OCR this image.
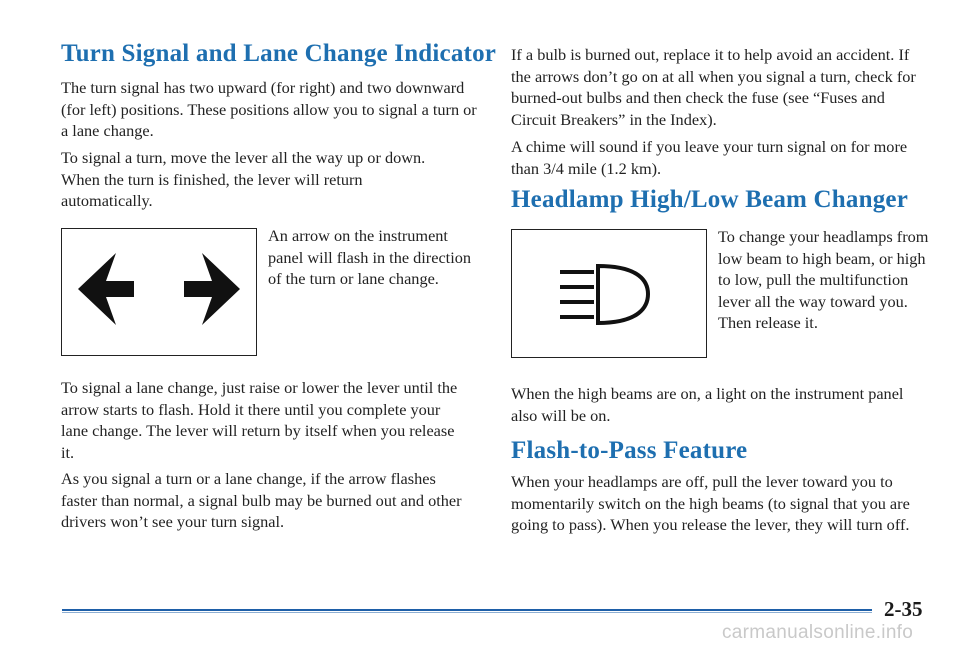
Turn Signal and Lane Change Indicator

The turn signal has two upward (for right) and two downward (for left) positions. These positions allow you to signal a turn or a lane change.

To signal a turn, move the lever all the way up or down. When the turn is finished, the lever will return automatically.

An arrow on the instrument panel will flash in the direction of the turn or lane change.

To signal a lane change, just raise or lower the lever until the arrow starts to flash. Hold it there until you complete your lane change. The lever will return by itself when you release it.

As you signal a turn or a lane change, if the arrow flashes faster than normal, a signal bulb may be burned out and other drivers won’t see your turn signal.

If a bulb is burned out, replace it to help avoid an accident. If the arrows don’t go on at all when you signal a turn, check for burned-out bulbs and then check the fuse (see “Fuses and Circuit Breakers” in the Index).

A chime will sound if you leave your turn signal on for more than 3/4 mile (1.2 km).

Headlamp High/Low Beam Changer

To change your headlamps from low beam to high beam, or high to low, pull the multifunction lever all the way toward you. Then release it.

When the high beams are on, a light on the instrument panel also will be on.

Flash-to-Pass Feature

When your headlamps are off, pull the lever toward you to momentarily switch on the high beams (to signal that you are going to pass). When you release the lever, they will turn off.

2-35
carmanualsonline.info
